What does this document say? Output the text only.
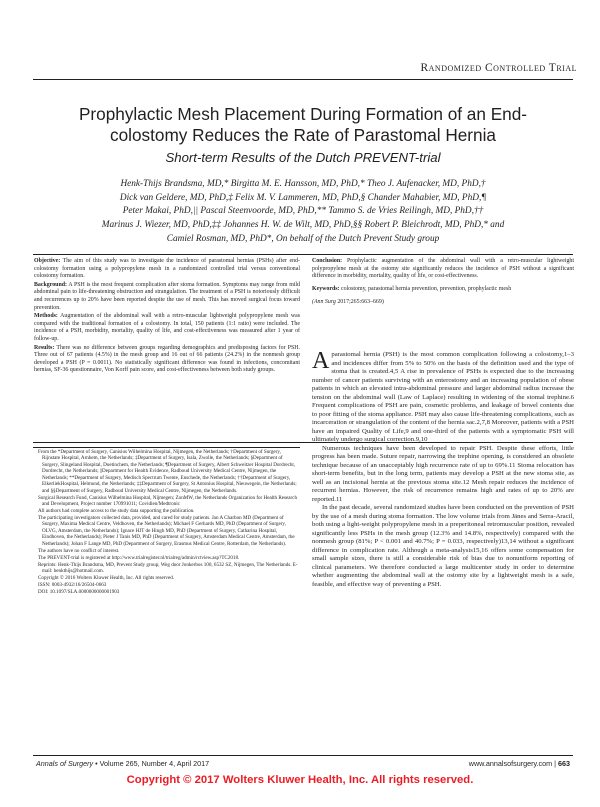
Randomized Controlled Trial
Prophylactic Mesh Placement During Formation of an End-
colostomy Reduces the Rate of Parastomal Hernia
Short-term Results of the Dutch PREVENT-trial

Henk-Thijs Brandsma, MD,* Birgitta M. E. Hansson, MD, PhD,* Theo J. Aufenacker, MD, PhD,†

Dick van Geldere, MD, PhD,‡ Felix M. V. Lammeren, MD, PhD,§ Chander Mahabier, MD, PhD,¶

Peter Makai, PhD,|| Pascal Steenvoorde, MD, PhD,** Tammo S. de Vries Reilingh, MD, PhD,††

Marinus J. Wiezer, MD, PhD,‡‡ Johannes H. W. de Wilt, MD, PhD,§§ Robert P. Bleichrodt, MD, PhD,* and

Camiel Rosman, MD, PhD*, On behalf of the Dutch Prevent Study group

Objective: The aim of this study was to investigate the incidence of parastomal hernias (PSHs) after end-colostomy formation using a polypropylene mesh in a randomized controlled trial versus conventional colostomy formation.

Background: A PSH is the most frequent complication after stoma formation. Symptoms may range from mild abdominal pain to life-threatening obstruction and strangulation. The treatment of a PSH is notoriously difficult and recurrences up to 20% have been reported despite the use of mesh. This has moved surgical focus toward prevention.

Methods: Augmentation of the abdominal wall with a retro-muscular lightweight polypropylene mesh was compared with the traditional formation of a colostomy. In total, 150 patients (1:1 ratio) were included. The incidence of a PSH, morbidity, mortality, quality of life, and cost-effectiveness was measured after 1 year of follow-up.

Results: There was no difference between groups regarding demographics and predisposing factors for PSH. Three out of 67 patients (4.5%) in the mesh group and 16 out of 66 patients (24.2%) in the nonmesh group developed a PSH (P = 0.0011). No statistically significant difference was found in infections, concomitant hernias, SF-36 questionnaire, Von Korff pain score, and cost-effectiveness between both study groups.

Conclusion: Prophylactic augmentation of the abdominal wall with a retro-muscular lightweight polypropylene mesh at the ostomy site significantly reduces the incidence of PSH without a significant difference in morbidity, mortality, quality of life, or cost-effectiveness.

Keywords: colostomy, parastomal hernia prevention, prevention, prophylactic mesh

(Ann Surg 2017;265:663–669)

Aparastomal hernia (PSH) is the most common complication following a colostomy,1–3 and incidences differ from 5% to 50% on the basis of the definition used and the type of stoma that is created.4,5 A rise in prevalence of PSHs is expected due to the increasing number of cancer patients surviving with an enterostomy and an increasing population of obese patients in which an elevated intra-abdominal pressure and larger abdominal radius increase the tension on the abdominal wall (Law of Laplace) resulting in widening of the stomal trephine.6 Frequent complications of PSH are pain, cosmetic problems, and leakage of bowel contents due to poor fitting of the stoma appliance. PSH may also cause life-threatening complications, such as incarceration or strangulation of the content of the hernia sac.2,7,8 Moreover, patients with a PSH have an impaired Quality of Life,9 and one-third of the patients with a symptomatic PSH will ultimately undergo surgical correction.9,10

Numerous techniques have been developed to repair PSH. Despite these efforts, little progress has been made. Suture repair, narrowing the trephine opening, is considered an obsolete technique because of an unacceptably high recurrence rate of up to 69%.11 Stoma relocation has short-term benefits, but in the long term, patients may develop a PSH at the new stoma site, as well as an incisional hernia at the previous stoma site.12 Mesh repair reduces the incidence of recurrent hernias. However, the risk of recurrence remains high and rates of up to 20% are reported.11

In the past decade, several randomized studies have been conducted on the prevention of PSH by the use of a mesh during stoma formation. The low volume trials from Jänes and Serra-Aracil, both using a light-weight polypropylene mesh in a preperitoneal retromuscular position, revealed significantly less PSHs in the mesh group (12.3% and 14.8%, respectively) compared with the nonmesh group (81%; P < 0.001 and 40.7%; P = 0.033, respectively)13,14 without a significant difference in complication rate. Although a meta-analysis15,16 offers some compensation for small sample sizes, there is still a considerable risk of bias due to nonuniform reporting of clinical parameters. We therefore conducted a large multicenter study in order to determine whether augmenting the abdominal wall at the ostomy site by a lightweight mesh is a safe, feasible, and effective way of preventing a PSH.

From the *Department of Surgery, Canisius Wilhelmina Hospital, Nijmegen, the Netherlands; †Department of Surgery, Rijnstate Hospital, Arnhem, the Netherlands; ‡Department of Surgery, Isala, Zwolle, the Netherlands; §Department of Surgery, Slingeland Hospital, Doetinchem, the Netherlands; ¶Department of Surgery, Albert Schweitzer Hospital Dordrecht, Dordrecht, the Netherlands; ||Department for Health Evidence, Radboud University Medical Centre, Nijmegen, the Netherlands; **Department of Surgery, Medisch Spectrum Twente, Enschede, the Netherlands; ††Department of Surgery, ElkerliekHospital, Helmond, the Netherlands; ‡‡Department of Surgery, St Antonius Hospital, Nieuwegein, the Netherlands; and §§Department of Surgery, Radboud University Medical Centre, Nijmegen, the Netherlands.

Surgical Research Fund, Canisius Wilhelmina Hospital, Nijmegen; ZonMW, the Netherlands Organization for Health Research and Development, Project number 170991011; Covidien/Medtronic

All authors had complete access to the study data supporting the publication.

The participating investigators collected data, provided, and cared for study patients. Jan A Charbon MD (Department of Surgery, Maxima Medical Centre, Veldhoven, the Netherlands); Michael F Gerhards MD, PhD (Department of Surgery, OLVG, Amsterdam, the Netherlands); Ignace HJT de Hingh MD, PhD (Department of Surgery, Catharina Hospital, Eindhoven, the Netherlands); Pieter J Tanis MD, PhD (Department of Surgery, Amsterdam Medical Centre, Amsterdam, the Netherlands); Johan F Lange MD, PhD (Department of Surgery, Erasmus Medical Centre, Rotterdam, the Netherlands).

The authors have no conflict of interest.

The PREVENT-trial is registered at http://www.trialregister.nl/trialreg/admin/rctview.asp?TC2018.

Reprints: Henk-Thijs Brandsma, MD, Prevent Study group, Weg door Jonkerbos 100, 6532 SZ, Nijmegen, The Netherlands. E-mail: henkthijs@hotmail.com.

Copyright © 2016 Wolters Kluwer Health, Inc. All rights reserved.

ISSN: 0003-4932/16/26504-0663

DOI: 10.1097/SLA.0000000000001903

Annals of Surgery • Volume 265, Number 4, April 2017	www.annalsofsurgery.com | 663
Copyright © 2017 Wolters Kluwer Health, Inc. All rights reserved.
